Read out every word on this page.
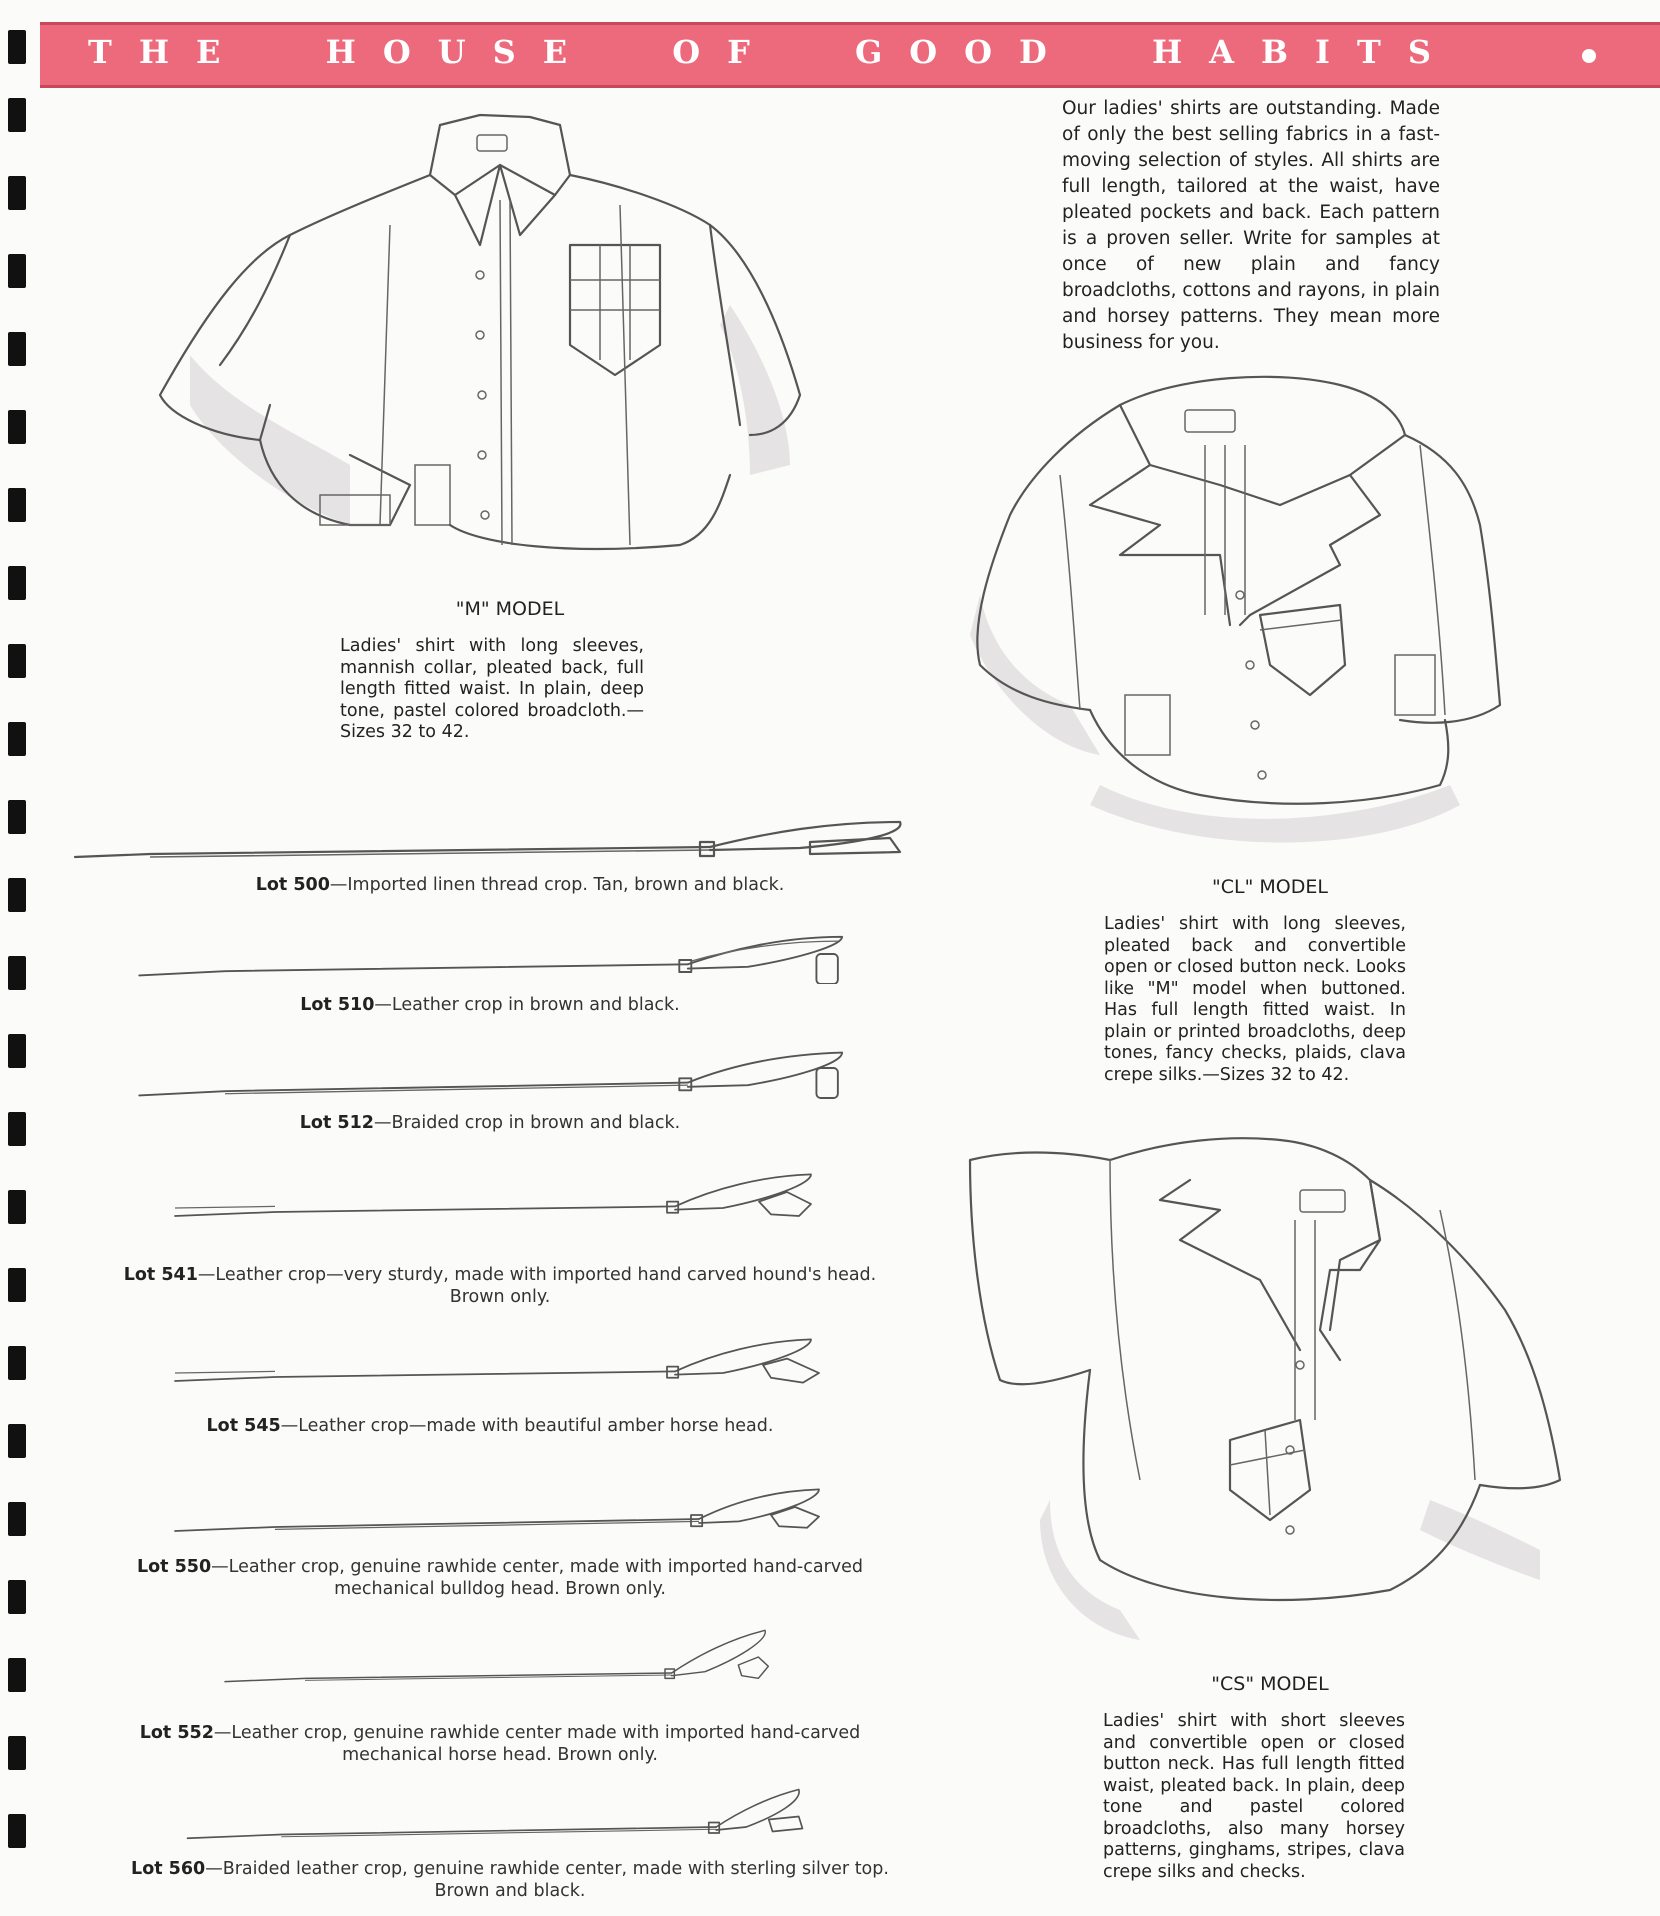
THE HOUSE OF GOOD HABITS
Our ladies' shirts are outstanding. Made of only the best selling fabrics in a fast-moving selection of styles. All shirts are full length, tailored at the waist, have pleated pockets and back. Each pattern is a proven seller. Write for samples at once of new plain and fancy broadcloths, cottons and rayons, in plain and horsey patterns. They mean more business for you.
"M" MODEL
Ladies' shirt with long sleeves, mannish collar, pleated back, full length fitted waist. In plain, deep tone, pastel colored broadcloth.—Sizes 32 to 42.
"CL" MODEL
Ladies' shirt with long sleeves, pleated back and convertible open or closed button neck. Looks like "M" model when buttoned. Has full length fitted waist. In plain or printed broadcloths, deep tones, fancy checks, plaids, clava crepe silks.—Sizes 32 to 42.
"CS" MODEL
Ladies' shirt with short sleeves and convertible open or closed button neck. Has full length fitted waist, pleated back. In plain, deep tone and pastel colored broadcloths, also many horsey patterns, ginghams, stripes, clava crepe silks and checks.
Lot 500—Imported linen thread crop. Tan, brown and black.
Lot 510—Leather crop in brown and black.
Lot 512—Braided crop in brown and black.
Lot 541—Leather crop—very sturdy, made with imported hand carved hound's head.
Brown only.
Lot 545—Leather crop—made with beautiful amber horse head.
Lot 550—Leather crop, genuine rawhide center, made with imported hand-carved
mechanical bulldog head. Brown only.
Lot 552—Leather crop, genuine rawhide center made with imported hand-carved
mechanical horse head. Brown only.
Lot 560—Braided leather crop, genuine rawhide center, made with sterling silver top.
Brown and black.
